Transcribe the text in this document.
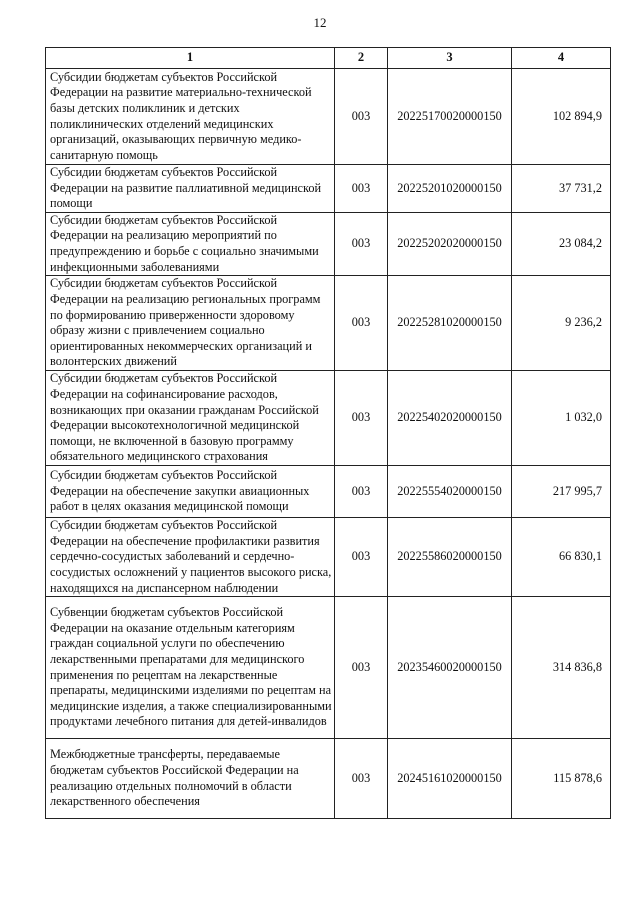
12
1	2	3	4
Субсидии бюджетам субъектов Российской Федерации на развитие материально-технической базы детских поликлиник и детских поликлинических отделений медицинских организаций, оказывающих первичную медико-санитарную помощь	003	20225170020000150	102 894,9
Субсидии бюджетам субъектов Российской Федерации на развитие паллиативной медицинской помощи	003	20225201020000150	37 731,2
Субсидии бюджетам субъектов Российской Федерации на реализацию мероприятий по предупреждению и борьбе с социально значимыми инфекционными заболеваниями	003	20225202020000150	23 084,2
Субсидии бюджетам субъектов Российской Федерации на реализацию региональных программ по формированию приверженности здоровому образу жизни с привлечением социально ориентированных некоммерческих организаций и волонтерских движений	003	20225281020000150	9 236,2
Субсидии бюджетам субъектов Российской Федерации на софинансирование расходов, возникающих при оказании гражданам Российской Федерации высокотехнологичной медицинской помощи, не включенной в базовую программу обязательного медицинского страхования	003	20225402020000150	1 032,0
Субсидии бюджетам субъектов Российской Федерации на обеспечение закупки авиационных работ в целях оказания медицинской помощи	003	20225554020000150	217 995,7
Субсидии бюджетам субъектов Российской Федерации на обеспечение профилактики развития сердечно-сосудистых заболеваний и сердечно-сосудистых осложнений у пациентов высокого риска, находящихся на диспансерном наблюдении	003	20225586020000150	66 830,1
Субвенции бюджетам субъектов Российской Федерации на оказание отдельным категориям граждан социальной услуги по обеспечению лекарственными препаратами для медицинского применения по рецептам на лекарственные препараты, медицинскими изделиями по рецептам на медицинские изделия, а также специализированными продуктами лечебного питания для детей-инвалидов	003	20235460020000150	314 836,8
Межбюджетные трансферты, передаваемые бюджетам субъектов Российской Федерации на реализацию отдельных полномочий в области лекарственного обеспечения	003	20245161020000150	115 878,6
